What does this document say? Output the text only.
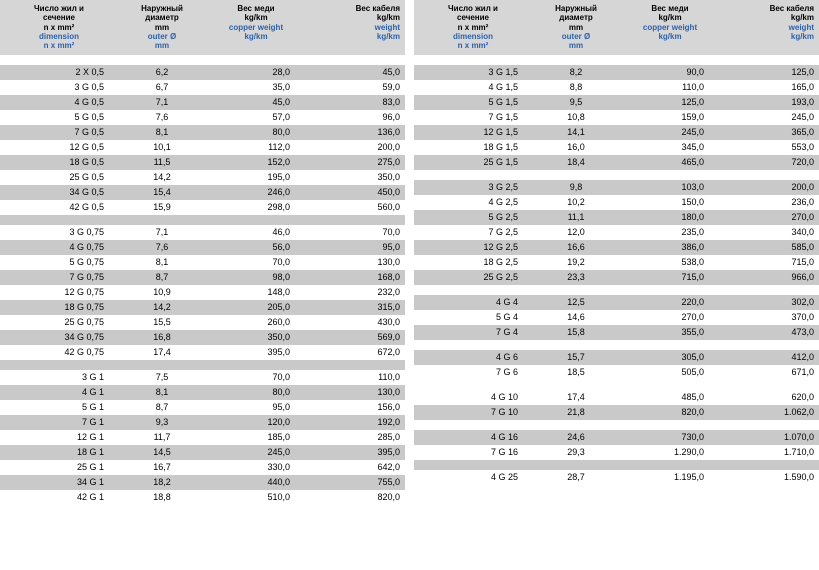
Число жил и
сечение
n x mm²
dimension
n x mm²	Наружный
диаметр
mm
outer Ø
mm	Вес меди
kg/km
copper weight
kg/km	Вес кабеля
kg/km
weight
kg/km

2 X 0,5	6,2	28,0	45,0
3 G 0,5	6,7	35,0	59,0
4 G 0,5	7,1	45,0	83,0
5 G 0,5	7,6	57,0	96,0
7 G 0,5	8,1	80,0	136,0
12 G 0,5	10,1	112,0	200,0
18 G 0,5	11,5	152,0	275,0
25 G 0,5	14,2	195,0	350,0
34 G 0,5	15,4	246,0	450,0
42 G 0,5	15,9	298,0	560,0

3 G 0,75	7,1	46,0	70,0
4 G 0,75	7,6	56,0	95,0
5 G 0,75	8,1	70,0	130,0
7 G 0,75	8,7	98,0	168,0
12 G 0,75	10,9	148,0	232,0
18 G 0,75	14,2	205,0	315,0
25 G 0,75	15,5	260,0	430,0
34 G 0,75	16,8	350,0	569,0
42 G 0,75	17,4	395,0	672,0

3 G 1	7,5	70,0	110,0
4 G 1	8,1	80,0	130,0
5 G 1	8,7	95,0	156,0
7 G 1	9,3	120,0	192,0
12 G 1	11,7	185,0	285,0
18 G 1	14,5	245,0	395,0
25 G 1	16,7	330,0	642,0
34 G 1	18,2	440,0	755,0
42 G 1	18,8	510,0	820,0
Число жил и
сечение
n x mm²
dimension
n x mm²	Наружный
диаметр
mm
outer Ø
mm	Вес меди
kg/km
copper weight
kg/km	Вес кабеля
kg/km
weight
kg/km

3 G 1,5	8,2	90,0	125,0
4 G 1,5	8,8	110,0	165,0
5 G 1,5	9,5	125,0	193,0
7 G 1,5	10,8	159,0	245,0
12 G 1,5	14,1	245,0	365,0
18 G 1,5	16,0	345,0	553,0
25 G 1,5	18,4	465,0	720,0

3 G 2,5	9,8	103,0	200,0
4 G 2,5	10,2	150,0	236,0
5 G 2,5	11,1	180,0	270,0
7 G 2,5	12,0	235,0	340,0
12 G 2,5	16,6	386,0	585,0
18 G 2,5	19,2	538,0	715,0
25 G 2,5	23,3	715,0	966,0

4 G 4	12,5	220,0	302,0
5 G 4	14,6	270,0	370,0
7 G 4	15,8	355,0	473,0

4 G 6	15,7	305,0	412,0
7 G 6	18,5	505,0	671,0

4 G 10	17,4	485,0	620,0
7 G 10	21,8	820,0	1.062,0

4 G 16	24,6	730,0	1.070,0
7 G 16	29,3	1.290,0	1.710,0

4 G 25	28,7	1.195,0	1.590,0
